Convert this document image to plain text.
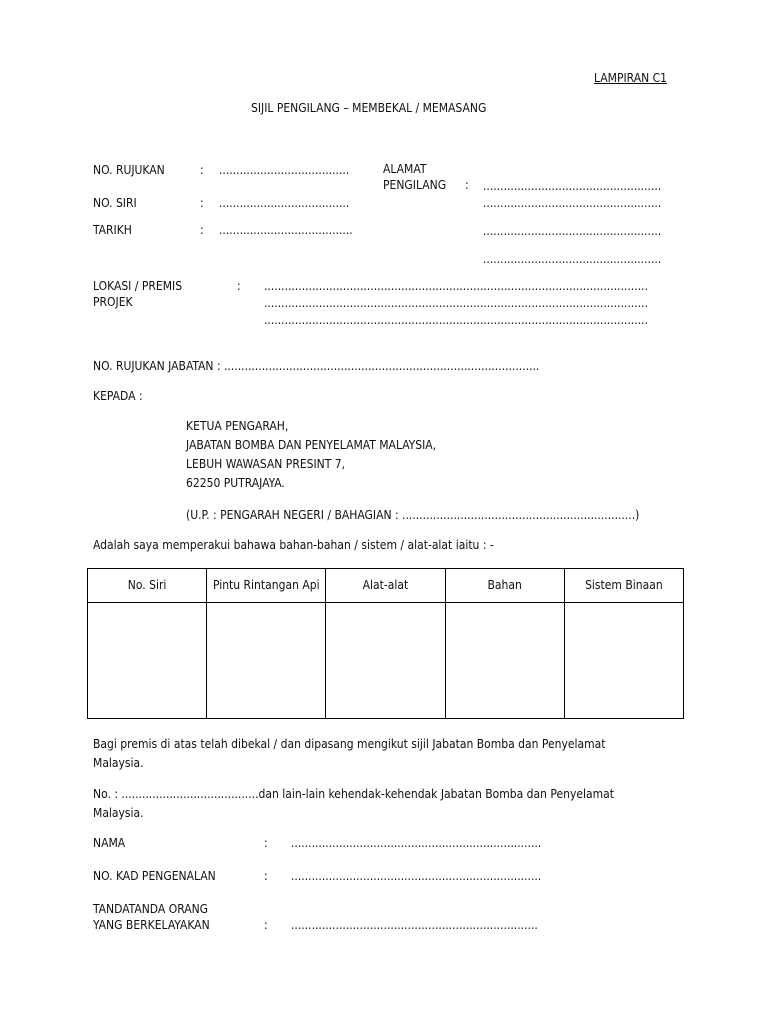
LAMPIRAN C1
SIJIL PENGILANG – MEMBEKAL / MEMASANG
NO. RUJUKAN	: ......................................
NO. SIRI	: ......................................
TARIKH	: .......................................
ALAMAT
PENGILANG : ....................................................
....................................................
....................................................
....................................................
LOKASI / PREMIS
PROJEK
: ................................................................................................................
................................................................................................................
................................................................................................................
NO. RUJUKAN JABATAN : ............................................................................................
KEPADA :
KETUA PENGARAH,
JABATAN BOMBA DAN PENYELAMAT MALAYSIA,
LEBUH WAWASAN PRESINT 7,
62250 PUTRAJAYA.
(U.P. : PENGARAH NEGERI / BAHAGIAN : ....................................................................)
Adalah saya memperakui bahawa bahan-bahan / sistem / alat-alat iaitu : -
No. Siri	Pintu Rintangan Api	Alat-alat	Bahan	Sistem Binaan

Bagi premis di atas telah dibekal / dan dipasang mengikut sijil Jabatan Bomba dan Penyelamat
Malaysia.
No. : ........................................dan lain-lain kehendak-kehendak Jabatan Bomba dan Penyelamat
Malaysia.
NAMA	: .........................................................................
NO. KAD PENGENALAN	: .........................................................................
TANDATANDA ORANG
YANG BERKELAYAKAN	: ........................................................................
